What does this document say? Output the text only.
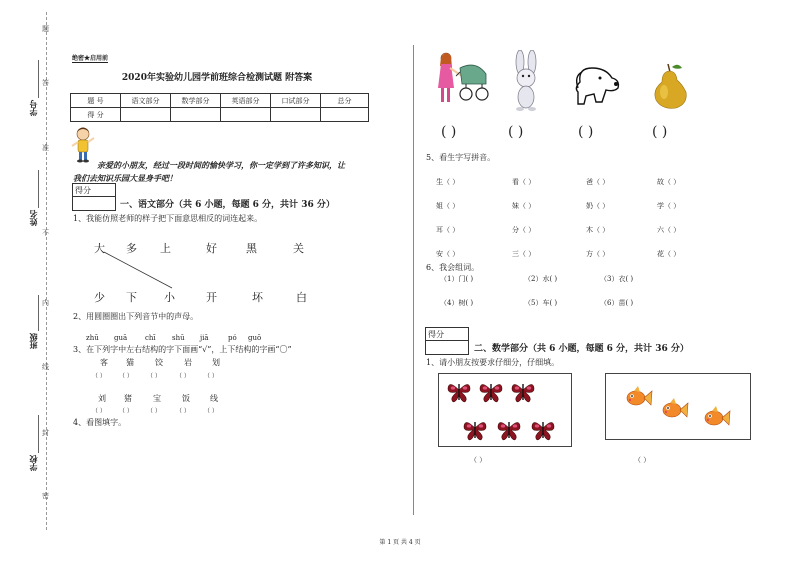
题
答
准
不
内
线
封
密
学号
姓名
班级
学校
绝密★启用前
2020年实验幼儿园学前班综合检测试题 附答案
题 号	语文部分	数学部分	英语部分	口试部分	总分
得 分					
亲爱的小朋友，经过一段时间的愉快学习，你一定学到了许多知识，让
我们去知识乐园大显身手吧！
得分
一、语文部分（共 6 小题，每题 6 分，共计 36 分）
1、我能仿照老师的样子把下面意思相反的词连起来。
大 多 上	好	黑	关
少 下 小	开	坏	白
2、用圆圈圈出下列音节中的声母。
zhū guā	chī shū jiā	pó guō
3、在下列字中左右结构的字下面画“√”，上下结构的字画“〇”
客 猫	饺	岩	划
（ ） （ ） （ ）	（ ） （ ）
刘 猪	宝	饭	线
（ ） （ ） （ ）	（ ） （ ）
4、看图填字。
( )	( )	( )	( )
5、看生字写拼音。
生（ ）	看（ ）	爸（ ）	故（ ）
姐（ ）	妹（ ）	奶（ ）	学（ ）
耳（ ）	分（ ）	木（ ）	六（ ）
安（ ）	三（ ）	方（ ）	花（ ）
6、我会组词。
（1）门( )	（2）水( )	（3）衣( )
（4）树( )	（5）车( )	（6）苗( )
得分
二、数学部分（共 6 小题，每题 6 分，共计 36 分）
1、请小朋友按要求仔细分，仔细填。
（ ）	（ ）
第 1 页 共 4 页
